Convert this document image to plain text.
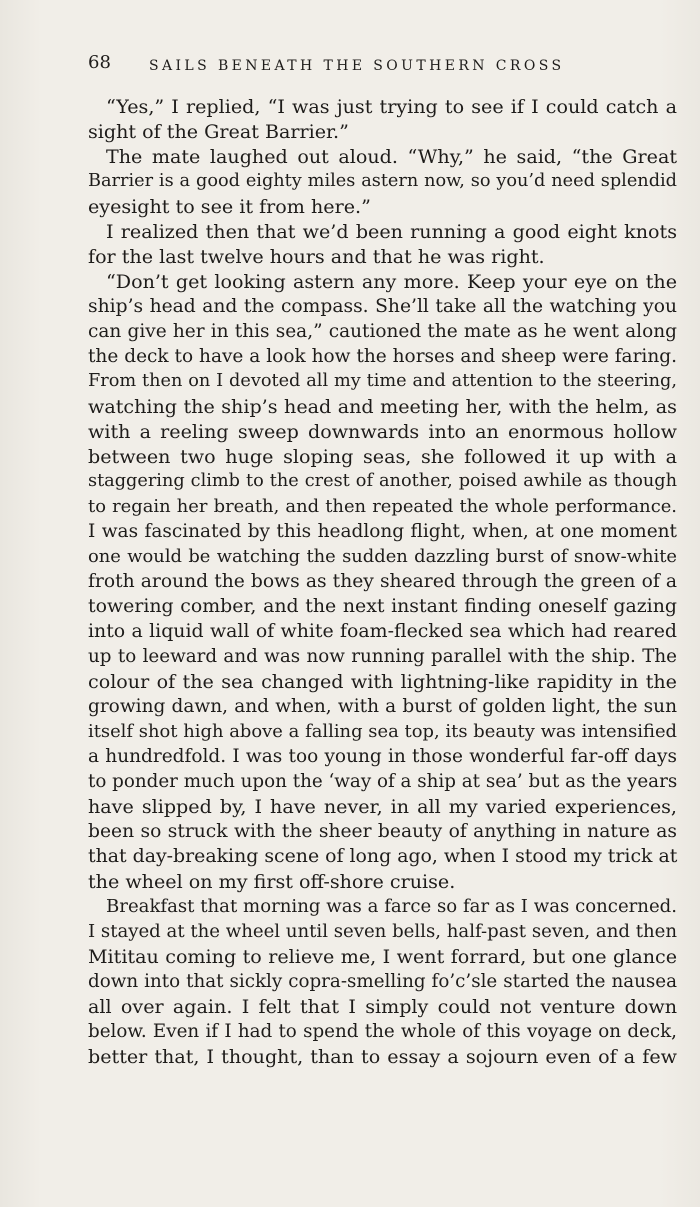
68	SAILS BENEATH THE SOUTHERN CROSS
“Yes,” I replied, “I was just trying to see if I could catch a
sight of the Great Barrier.”
The mate laughed out aloud. “Why,” he said, “the Great
Barrier is a good eighty miles astern now, so you’d need splendid
eyesight to see it from here.”
I realized then that we’d been running a good eight knots
for the last twelve hours and that he was right.
“Don’t get looking astern any more. Keep your eye on the
ship’s head and the compass. She’ll take all the watching you
can give her in this sea,” cautioned the mate as he went along
the deck to have a look how the horses and sheep were faring.
From then on I devoted all my time and attention to the steering,
watching the ship’s head and meeting her, with the helm, as
with a reeling sweep downwards into an enormous hollow
between two huge sloping seas, she followed it up with a
staggering climb to the crest of another, poised awhile as though
to regain her breath, and then repeated the whole performance.
I was fascinated by this headlong flight, when, at one moment
one would be watching the sudden dazzling burst of snow-white
froth around the bows as they sheared through the green of a
towering comber, and the next instant finding oneself gazing
into a liquid wall of white foam-flecked sea which had reared
up to leeward and was now running parallel with the ship. The
colour of the sea changed with lightning-like rapidity in the
growing dawn, and when, with a burst of golden light, the sun
itself shot high above a falling sea top, its beauty was intensified
a hundredfold. I was too young in those wonderful far-off days
to ponder much upon the ‘way of a ship at sea’ but as the years
have slipped by, I have never, in all my varied experiences,
been so struck with the sheer beauty of anything in nature as
that day-breaking scene of long ago, when I stood my trick at
the wheel on my first off-shore cruise.
Breakfast that morning was a farce so far as I was concerned.
I stayed at the wheel until seven bells, half-past seven, and then
Mititau coming to relieve me, I went forrard, but one glance
down into that sickly copra-smelling fo’c’sle started the nausea
all over again. I felt that I simply could not venture down
below. Even if I had to spend the whole of this voyage on deck,
better that, I thought, than to essay a sojourn even of a few
